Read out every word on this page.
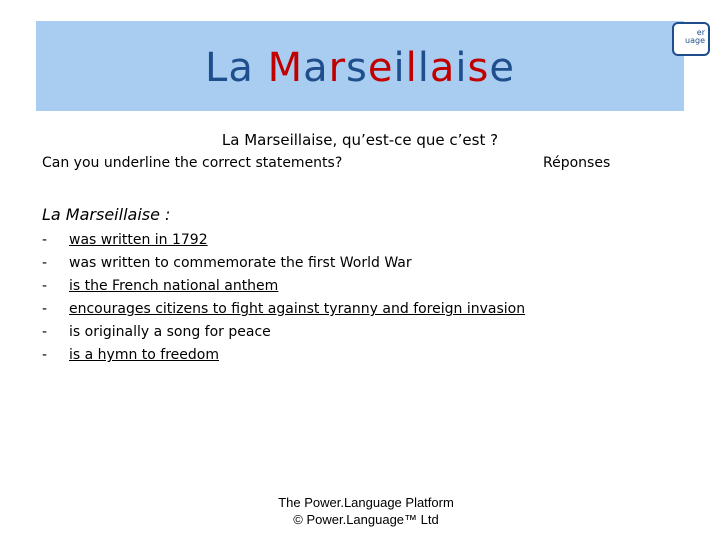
La Marseillaise
er
uage
La Marseillaise, qu’est-ce que c’est ?
Can you underline the correct statements?	Réponses
La Marseillaise :
-	was written in 1792
-	was written to commemorate the first World War
-	is the French national anthem
-	encourages citizens to fight against tyranny and foreign invasion
-	is originally a song for peace
-	is a hymn to freedom
The Power.Language Platform
© Power.Language™ Ltd
